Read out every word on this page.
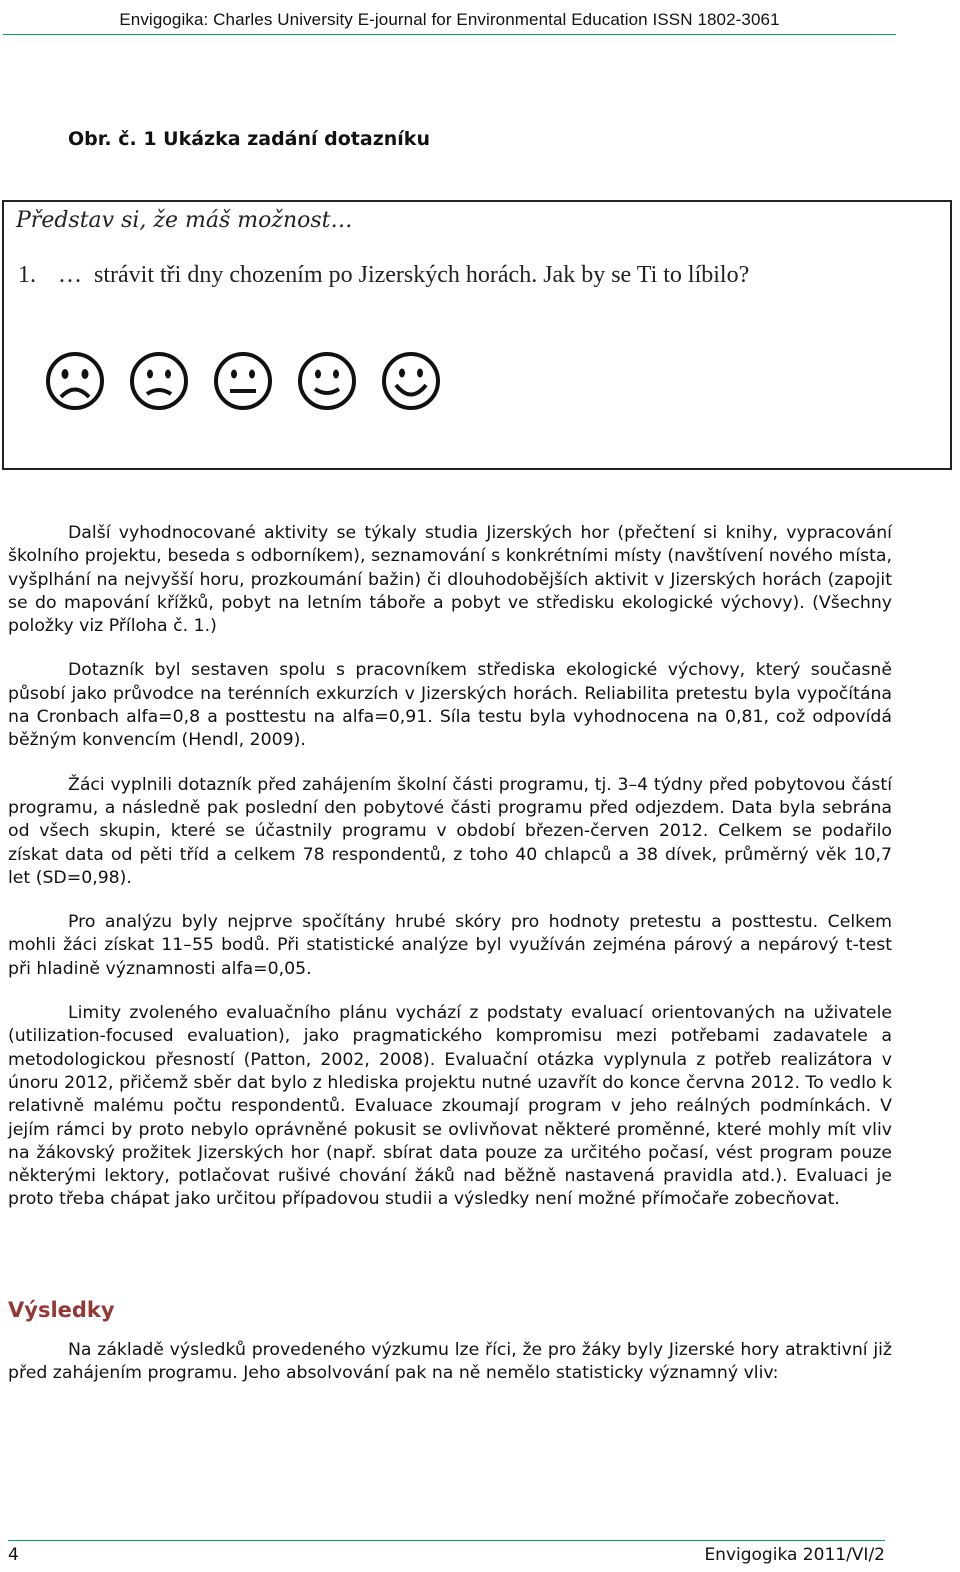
Envigogika: Charles University E-journal for Environmental Education ISSN 1802-3061
Obr. č. 1 Ukázka zadání dotazníku
Představ si, že máš možnost…
1. … strávit tři dny chozením po Jizerských horách. Jak by se Ti to líbilo?

Další vyhodnocované aktivity se týkaly studia Jizerských hor (přečtení si knihy, vypracování školního projektu, beseda s odborníkem), seznamování s konkrétními místy (navštívení nového místa, vyšplhání na nejvyšší horu, prozkoumání bažin) či dlouhodobějších aktivit v Jizerských horách (zapojit se do mapování křížků, pobyt na letním táboře a pobyt ve středisku ekologické výchovy). (Všechny položky viz Příloha č. 1.)

Dotazník byl sestaven spolu s pracovníkem střediska ekologické výchovy, který současně působí jako průvodce na terénních exkurzích v Jizerských horách. Reliabilita pretestu byla vypočítána na Cronbach alfa=0,8 a posttestu na alfa=0,91. Síla testu byla vyhodnocena na 0,81, což odpovídá běžným konvencím (Hendl, 2009).

Žáci vyplnili dotazník před zahájením školní části programu, tj. 3–4 týdny před pobytovou částí programu, a následně pak poslední den pobytové části programu před odjezdem. Data byla sebrána od všech skupin, které se účastnily programu v období březen-červen 2012. Celkem se podařilo získat data od pěti tříd a celkem 78 respondentů, z toho 40 chlapců a 38 dívek, průměrný věk 10,7 let (SD=0,98).

Pro analýzu byly nejprve spočítány hrubé skóry pro hodnoty pretestu a posttestu. Celkem mohli žáci získat 11–55 bodů. Při statistické analýze byl využíván zejména párový a nepárový t-test při hladině významnosti alfa=0,05.

Limity zvoleného evaluačního plánu vychází z podstaty evaluací orientovaných na uživatele (utilization-focused evaluation), jako pragmatického kompromisu mezi potřebami zadavatele a metodologickou přesností (Patton, 2002, 2008). Evaluační otázka vyplynula z potřeb realizátora v únoru 2012, přičemž sběr dat bylo z hlediska projektu nutné uzavřít do konce června 2012. To vedlo k relativně malému počtu respondentů. Evaluace zkoumají program v jeho reálných podmínkách. V jejím rámci by proto nebylo oprávněné pokusit se ovlivňovat některé proměnné, které mohly mít vliv na žákovský prožitek Jizerských hor (např. sbírat data pouze za určitého počasí, vést program pouze některými lektory, potlačovat rušivé chování žáků nad běžně nastavená pravidla atd.). Evaluaci je proto třeba chápat jako určitou případovou studii a výsledky není možné přímočaře zobecňovat.

Výsledky

Na základě výsledků provedeného výzkumu lze říci, že pro žáky byly Jizerské hory atraktivní již před zahájením programu. Jeho absolvování pak na ně nemělo statisticky významný vliv:

4	Envigogika 2011/VI/2
